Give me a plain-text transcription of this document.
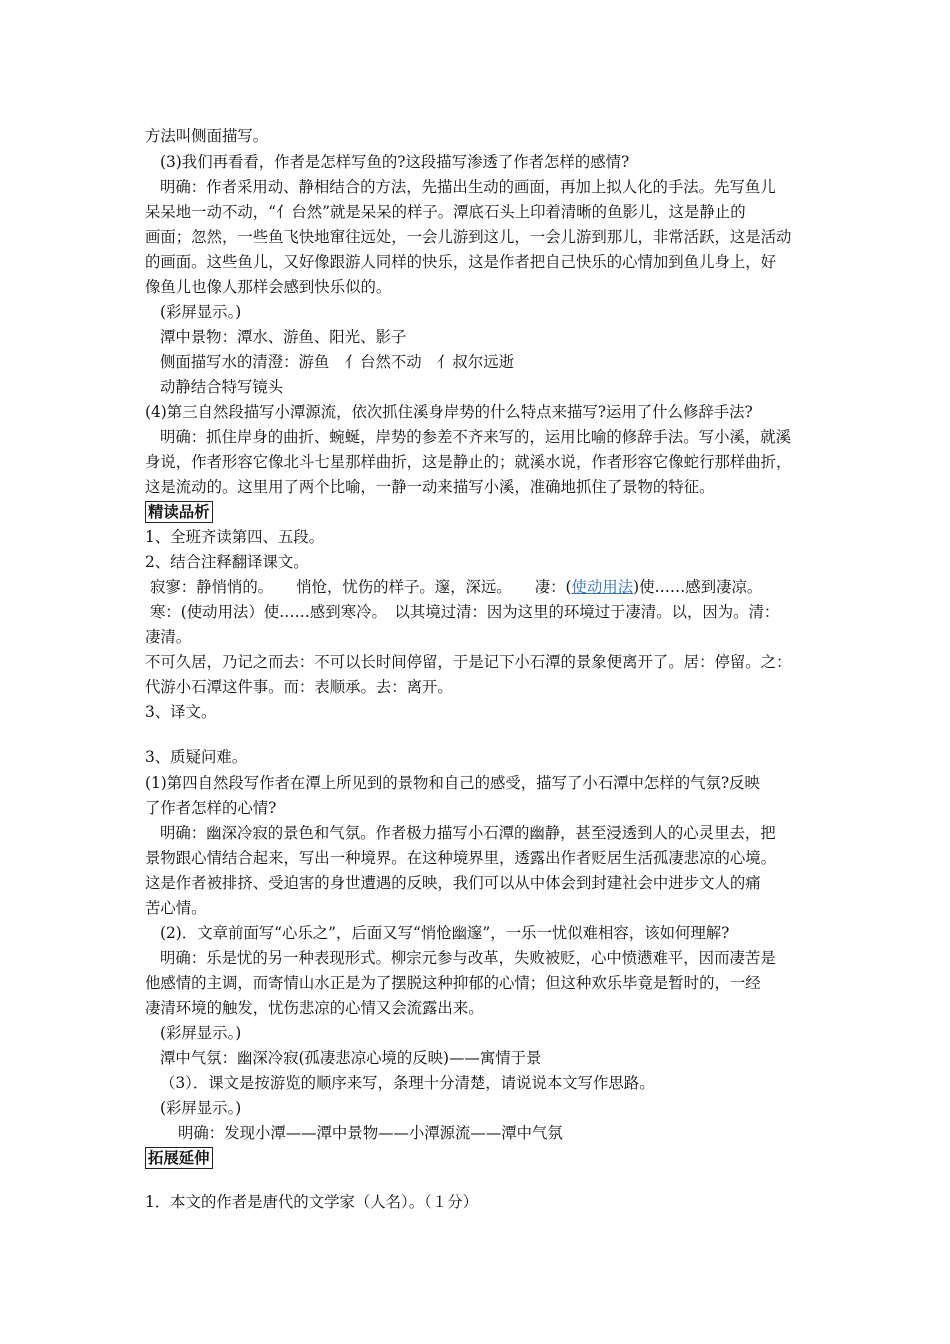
方法叫侧面描写。
(3)我们再看看，作者是怎样写鱼的?这段描写渗透了作者怎样的感情?
明确：作者采用动、静相结合的方法，先描出生动的画面，再加上拟人化的手法。先写鱼儿
呆呆地一动不动，“亻台然”就是呆呆的样子。潭底石头上印着清晰的鱼影儿，这是静止的
画面；忽然，一些鱼飞快地窜往远处，一会儿游到这儿，一会儿游到那儿，非常活跃，这是活动
的画面。这些鱼儿，又好像跟游人同样的快乐，这是作者把自己快乐的心情加到鱼儿身上，好
像鱼儿也像人那样会感到快乐似的。
(彩屏显示。)
潭中景物：潭水、游鱼、阳光、影子
侧面描写水的清澄：游鱼　亻台然不动　亻叔尔远逝
动静结合特写镜头
(4)第三自然段描写小潭源流，依次抓住溪身岸势的什么特点来描写?运用了什么修辞手法?
明确：抓住岸身的曲折、蜿蜒，岸势的参差不齐来写的，运用比喻的修辞手法。写小溪，就溪
身说，作者形容它像北斗七星那样曲折，这是静止的；就溪水说，作者形容它像蛇行那样曲折，
这是流动的。这里用了两个比喻，一静一动来描写小溪，准确地抓住了景物的特征。
精读品析
1、全班齐读第四、五段。
2、结合注释翻译课文。
寂寥：静悄悄的。　　悄怆，忧伤的样子。邃，深远。　　凄：(使动用法)使……感到凄凉。
寒：(使动用法）使……感到寒冷。　以其境过清：因为这里的环境过于凄清。以，因为。清：
凄清。
不可久居，乃记之而去：不可以长时间停留，于是记下小石潭的景象便离开了。居：停留。之：
代游小石潭这件事。而：表顺承。去：离开。
3、译文。
3、质疑问难。
(1)第四自然段写作者在潭上所见到的景物和自己的感受，描写了小石潭中怎样的气氛?反映
了作者怎样的心情?
明确：幽深冷寂的景色和气氛。作者极力描写小石潭的幽静，甚至浸透到人的心灵里去，把
景物跟心情结合起来，写出一种境界。在这种境界里，透露出作者贬居生活孤凄悲凉的心境。
这是作者被排挤、受迫害的身世遭遇的反映，我们可以从中体会到封建社会中进步文人的痛
苦心情。
(2)．文章前面写“心乐之”，后面又写“悄怆幽邃”，一乐一忧似难相容，该如何理解?
明确：乐是忧的另一种表现形式。柳宗元参与改革，失败被贬，心中愤懑难平，因而凄苦是
他感情的主调，而寄情山水正是为了摆脱这种抑郁的心情；但这种欢乐毕竟是暂时的，一经
凄清环境的触发，忧伤悲凉的心情又会流露出来。
(彩屏显示。)
潭中气氛：幽深冷寂(孤凄悲凉心境的反映)——寓情于景
（3）．课文是按游览的顺序来写，条理十分清楚，请说说本文写作思路。
(彩屏显示。)
明确：发现小潭——潭中景物——小潭源流——潭中气氛
拓展延伸
1．本文的作者是唐代的文学家（人名）。（１分）
